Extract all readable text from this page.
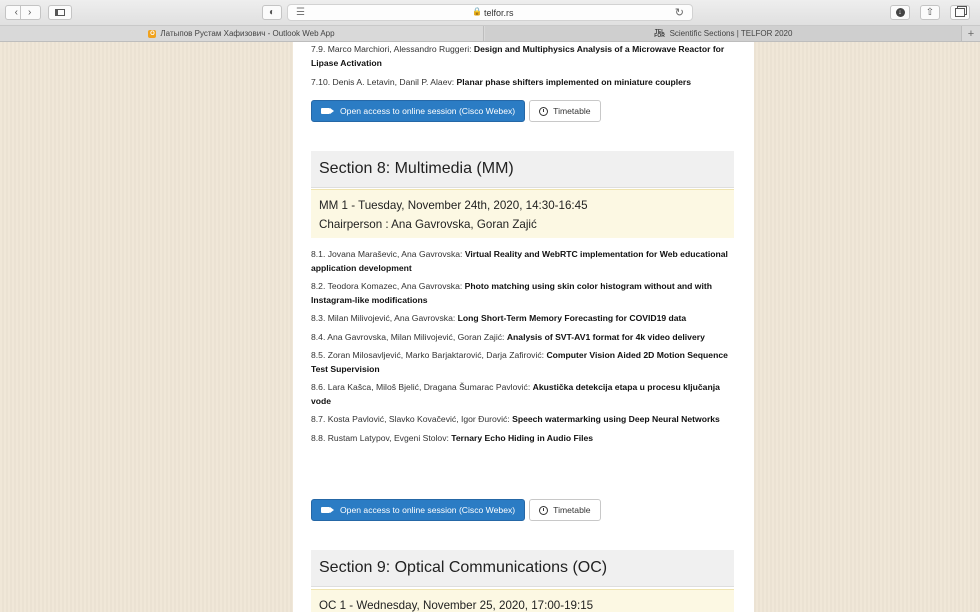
‹ ›	◐ ☰	🔒 telfor.rs	↻	↓ ⇧
O Латыпов Рустам Хафизович - Outlook Web App	TEL FOR Scientific Sections | TELFOR 2020	+

7.9. Marco Marchiori, Alessandro Ruggeri: Design and Multiphysics Analysis of a Microwave Reactor for Lipase Activation

7.10. Denis A. Letavin, Danil P. Alaev: Planar phase shifters implemented on miniature couplers

Open access to online session (Cisco Webex)	Timetable
Section 8: Multimedia (MM)
MM 1 - Tuesday, November 24th, 2020, 14:30-16:45
Chairperson : Ana Gavrovska, Goran Zajić

8.1. Jovana Maraševic, Ana Gavrovska: Virtual Reality and WebRTC implementation for Web educational application development

8.2. Teodora Komazec, Ana Gavrovska: Photo matching using skin color histogram without and with Instagram-like modifications

8.3. Milan Milivojević, Ana Gavrovska: Long Short-Term Memory Forecasting for COVID19 data

8.4. Ana Gavrovska, Milan Milivojević, Goran Zajić: Analysis of SVT-AV1 format for 4k video delivery

8.5. Zoran Milosavljević, Marko Barjaktarović, Darja Zafirović: Computer Vision Aided 2D Motion Sequence Test Supervision

8.6. Lara Kašca, Miloš Bjelić, Dragana Šumarac Pavlović: Akustička detekcija etapa u procesu ključanja vode

8.7. Kosta Pavlović, Slavko Kovačević, Igor Đurović: Speech watermarking using Deep Neural Networks

8.8. Rustam Latypov, Evgeni Stolov: Ternary Echo Hiding in Audio Files

Open access to online session (Cisco Webex)	Timetable
Section 9: Optical Communications (OC)
OC 1 - Wednesday, November 25, 2020, 17:00-19:15
